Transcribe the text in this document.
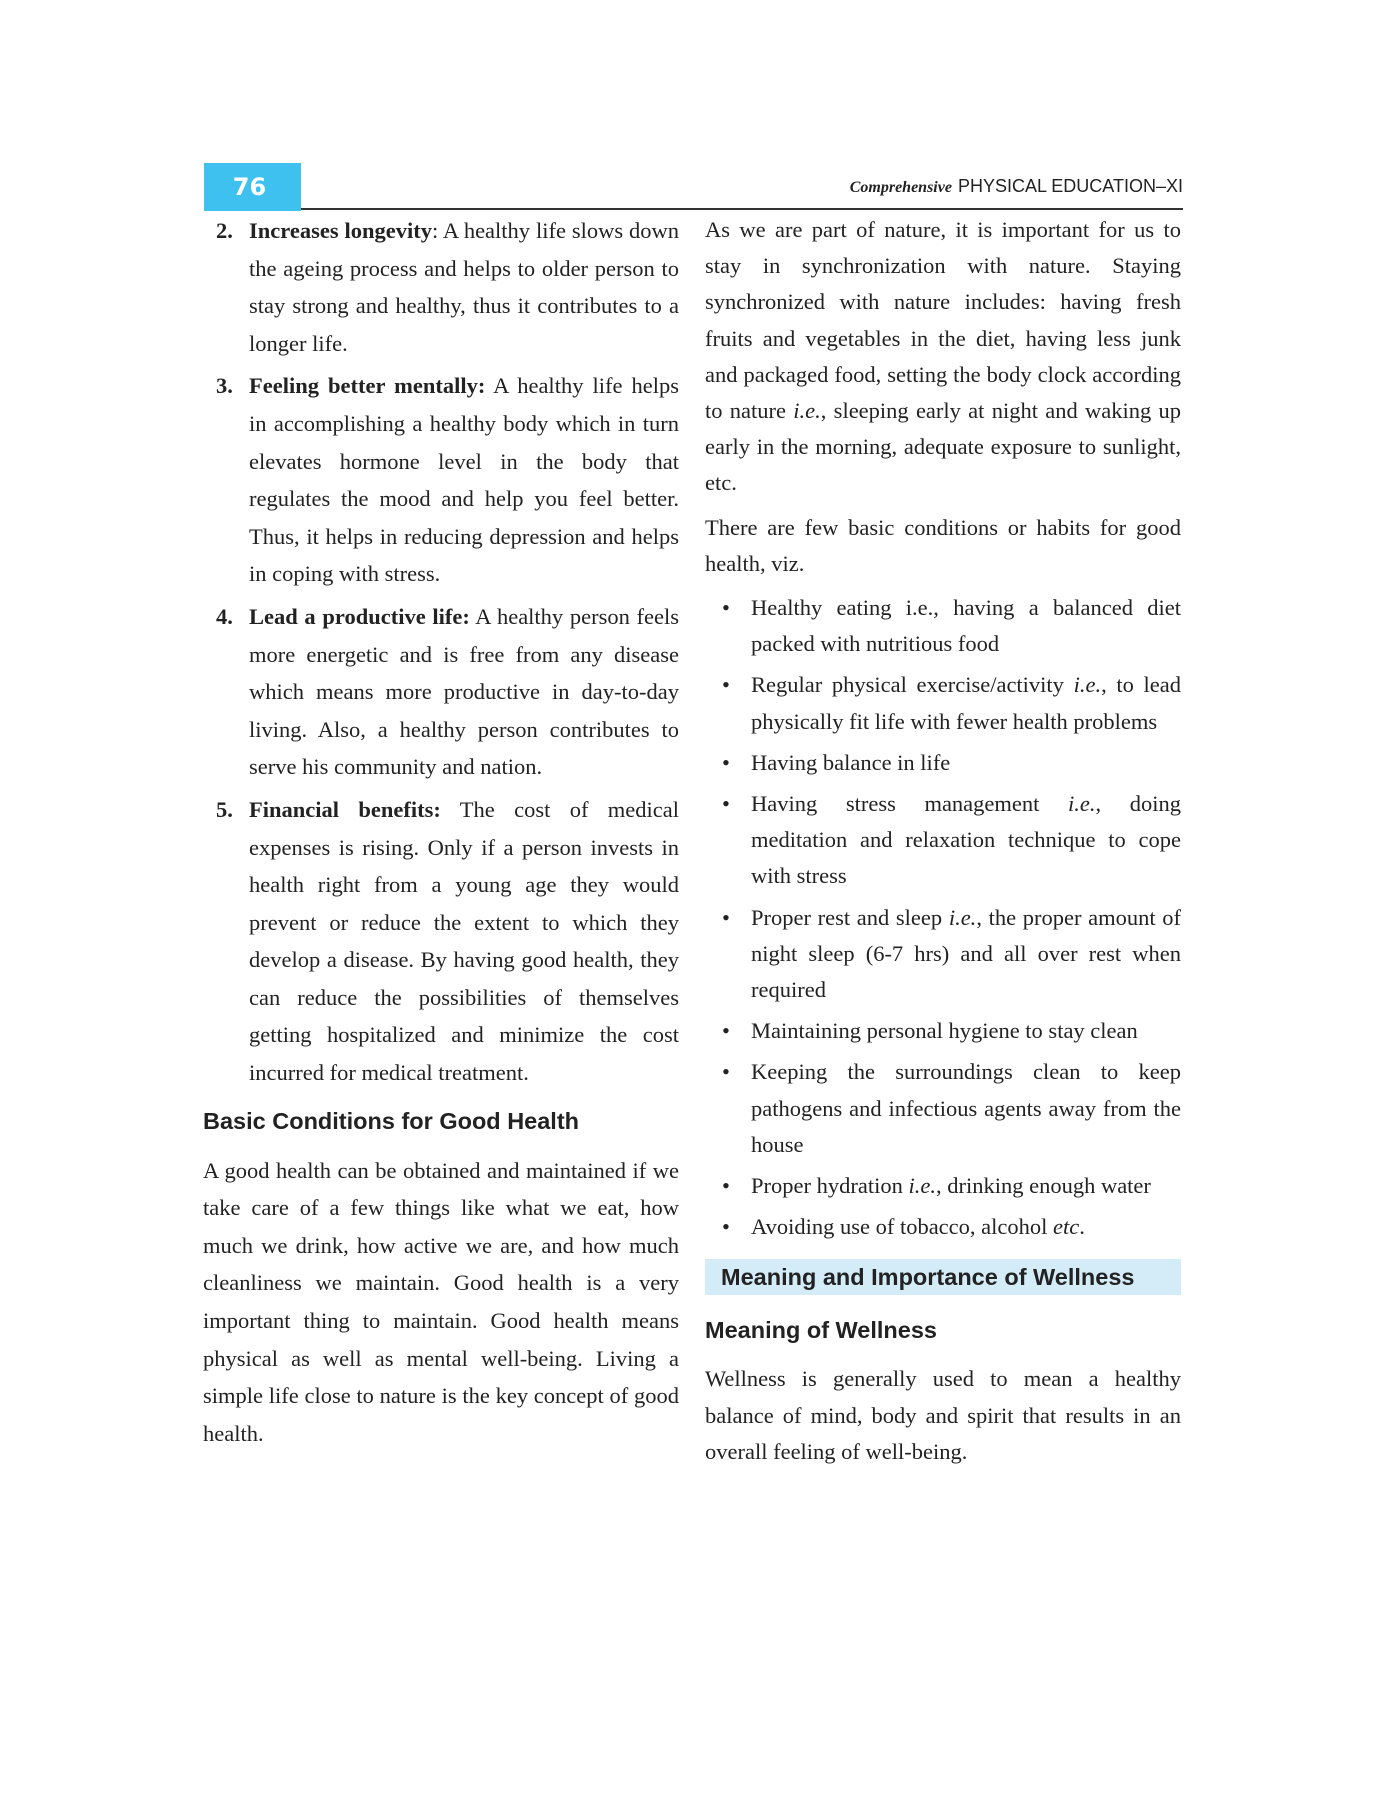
76	Comprehensive PHYSICAL EDUCATION–XI
2. Increases longevity: A healthy life slows down the ageing process and helps to older person to stay strong and healthy, thus it contributes to a longer life.
3. Feeling better mentally: A healthy life helps in accomplishing a healthy body which in turn elevates hormone level in the body that regulates the mood and help you feel better. Thus, it helps in reducing depression and helps in coping with stress.
4. Lead a productive life: A healthy person feels more energetic and is free from any disease which means more productive in day-to-day living. Also, a healthy person contributes to serve his community and nation.
5. Financial benefits: The cost of medical expenses is rising. Only if a person invests in health right from a young age they would prevent or reduce the extent to which they develop a disease. By having good health, they can reduce the possibilities of themselves getting hospitalized and minimize the cost incurred for medical treatment.
Basic Conditions for Good Health

A good health can be obtained and maintained if we take care of a few things like what we eat, how much we drink, how active we are, and how much cleanliness we maintain. Good health is a very important thing to maintain. Good health means physical as well as mental well-being. Living a simple life close to nature is the key concept of good health.

As we are part of nature, it is important for us to stay in synchronization with nature. Staying synchronized with nature includes: having fresh fruits and vegetables in the diet, having less junk and packaged food, setting the body clock according to nature i.e., sleeping early at night and waking up early in the morning, adequate exposure to sunlight, etc.

There are few basic conditions or habits for good health, viz.

• Healthy eating i.e., having a balanced diet packed with nutritious food
• Regular physical exercise/activity i.e., to lead physically fit life with fewer health problems
• Having balance in life
• Having stress management i.e., doing meditation and relaxation technique to cope with stress
• Proper rest and sleep i.e., the proper amount of night sleep (6-7 hrs) and all over rest when required
• Maintaining personal hygiene to stay clean
• Keeping the surroundings clean to keep pathogens and infectious agents away from the house
• Proper hydration i.e., drinking enough water
• Avoiding use of tobacco, alcohol etc.
Meaning and Importance of Wellness
Meaning of Wellness

Wellness is generally used to mean a healthy balance of mind, body and spirit that results in an overall feeling of well-being.
